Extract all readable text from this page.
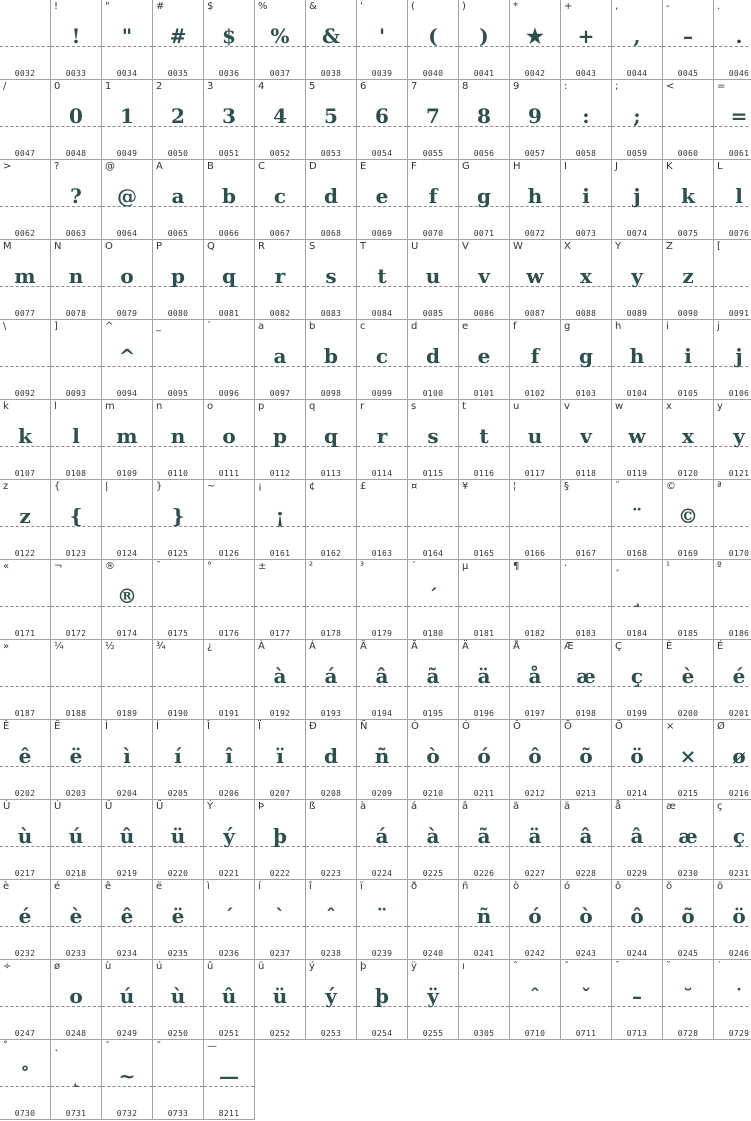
0032
!
!
0033
"
"
0034
#
#
0035
$
$
0036
%
%
0037
&
&
0038
'
'
0039
(
(
0040
)
)
0041
*
★
0042
+
+
0043
,
,
0044
-
–
0045
.
.
0046
/
0047
0
0
0048
1
1
0049
2
2
0050
3
3
0051
4
4
0052
5
5
0053
6
6
0054
7
7
0055
8
8
0056
9
9
0057
:
:
0058
;
;
0059
<
0060
=
=
0061
>
0062
?
?
0063
@
@
0064
A
a
0065
B
b
0066
C
c
0067
D
d
0068
E
e
0069
F
f
0070
G
g
0071
H
h
0072
I
i
0073
J
j
0074
K
k
0075
L
l
0076
M
m
0077
N
n
0078
O
o
0079
P
p
0080
Q
q
0081
R
r
0082
S
s
0083
T
t
0084
U
u
0085
V
v
0086
W
w
0087
X
x
0088
Y
y
0089
Z
z
0090
[
0091
\
0092
]
0093
^
^
0094
_
0095
`
0096
a
a
0097
b
b
0098
c
c
0099
d
d
0100
e
e
0101
f
f
0102
g
g
0103
h
h
0104
i
i
0105
j
j
0106
k
k
0107
l
l
0108
m
m
0109
n
n
0110
o
o
0111
p
p
0112
q
q
0113
r
r
0114
s
s
0115
t
t
0116
u
u
0117
v
v
0118
w
w
0119
x
x
0120
y
y
0121
z
z
0122
{
{
0123
|
0124
}
}
0125
~
0126
¡
¡
0161
¢
0162
£
0163
¤
0164
¥
0165
¦
0166
§
0167
¨
¨
0168
©
©
0169
ª
0170
«
0171
¬
0172
®
®
0174
¯
0175
°
0176
±
0177
²
0178
³
0179
´
´
0180
µ
0181
¶
0182
·
0183
¸
¸
0184
¹
0185
º
0186
»
0187
¼
0188
½
0189
¾
0190
¿
0191
À
à
0192
Á
á
0193
Â
â
0194
Ã
ã
0195
Ä
ä
0196
Å
å
0197
Æ
æ
0198
Ç
ç
0199
È
è
0200
É
é
0201
Ê
ê
0202
Ë
ë
0203
Ì
ì
0204
Í
í
0205
Î
î
0206
Ï
ï
0207
Ð
d
0208
Ñ
ñ
0209
Ò
ò
0210
Ó
ó
0211
Ô
ô
0212
Õ
õ
0213
Ö
ö
0214
×
×
0215
Ø
ø
0216
Ù
ù
0217
Ú
ú
0218
Û
û
0219
Ü
ü
0220
Ý
ý
0221
Þ
þ
0222
ß
0223
à
á
0224
á
à
0225
â
ã
0226
ã
ä
0227
ä
â
0228
å
â
0229
æ
æ
0230
ç
ç
0231
è
é
0232
é
è
0233
ê
ê
0234
ë
ë
0235
ì
ˊ
0236
í
ˋ
0237
î
ˆ
0238
ï
¨
0239
ð
0240
ñ
ñ
0241
ò
ó
0242
ó
ò
0243
ô
ô
0244
õ
õ
0245
ö
ö
0246
÷
0247
ø
o
0248
ù
ú
0249
ú
ù
0250
û
û
0251
ü
ü
0252
ý
ý
0253
þ
þ
0254
ÿ
ÿ
0255
ı
0305
ˆ
ˆ
0710
ˇ
ˇ
0711
ˉ
–
0713
˘
˘
0728
˙
˙
0729
˚
˚
0730
˛
˛
0731
˜
~
0732
˝
0733
—
—
8211
